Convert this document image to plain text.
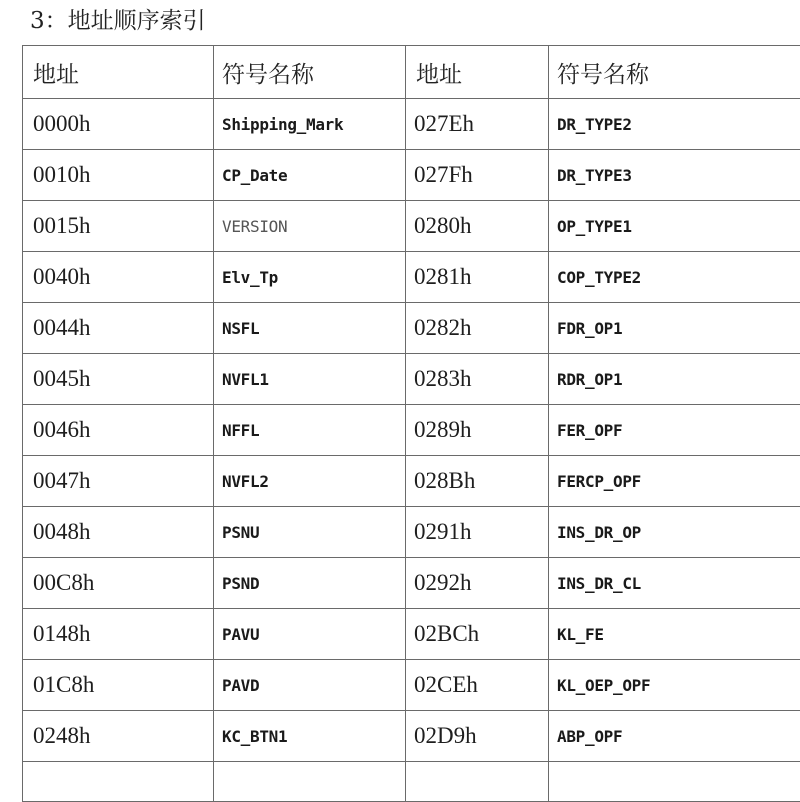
3：地址顺序索引
地址	符号名称	地址	符号名称
0000h	Shipping_Mark	027Eh	DR_TYPE2
0010h	CP_Date	027Fh	DR_TYPE3
0015h	VERSION	0280h	OP_TYPE1
0040h	Elv_Tp	0281h	COP_TYPE2
0044h	NSFL	0282h	FDR_OP1
0045h	NVFL1	0283h	RDR_OP1
0046h	NFFL	0289h	FER_OPF
0047h	NVFL2	028Bh	FERCP_OPF
0048h	PSNU	0291h	INS_DR_OP
00C8h	PSND	0292h	INS_DR_CL
0148h	PAVU	02BCh	KL_FE
01C8h	PAVD	02CEh	KL_OEP_OPF
0248h	KC_BTN1	02D9h	ABP_OPF
